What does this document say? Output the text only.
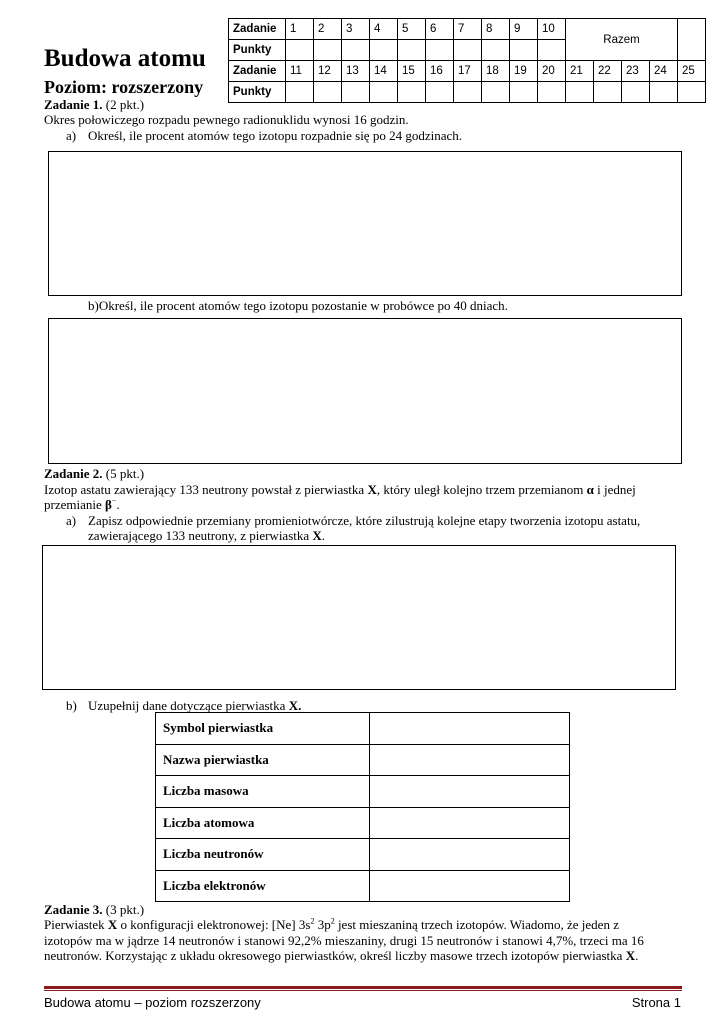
Budowa atomu
Poziom: rozszerzony
Zadanie	1	2	3	4	5	6	7	8	9	10	Razem				
Punkty															
Zadanie	11	12	13	14	15	16	17	18	19	20	21	22	23	24	25
Punkty															
Zadanie 1. (2 pkt.)
Okres połowiczego rozpadu pewnego radionuklidu wynosi 16 godzin.
a) Określ, ile procent atomów tego izotopu rozpadnie się po 24 godzinach.
b)Określ, ile procent atomów tego izotopu pozostanie w probówce po 40 dniach.
Zadanie 2. (5 pkt.)
Izotop astatu zawierający 133 neutrony powstał z pierwiastka X, który uległ kolejno trzem przemianom α i jednej
przemianie β−.
a) Zapisz odpowiednie przemiany promieniotwórcze, które zilustrują kolejne etapy tworzenia izotopu astatu,
zawierającego 133 neutrony, z pierwiastka X.
b) Uzupełnij dane dotyczące pierwiastka X.
Symbol pierwiastka	
Nazwa pierwiastka	
Liczba masowa	
Liczba atomowa	
Liczba neutronów	
Liczba elektronów	
Zadanie 3. (3 pkt.)
Pierwiastek X o konfiguracji elektronowej: [Ne] $3s^2$ $3p^2$ jest mieszaniną trzech izotopów. Wiadomo, że jeden z
izotopów ma w jądrze 14 neutronów i stanowi 92,2% mieszaniny, drugi 15 neutronów i stanowi 4,7%, trzeci ma 16
neutronów. Korzystając z układu okresowego pierwiastków, określ liczby masowe trzech izotopów pierwiastka X.
Budowa atomu – poziom rozszerzony	Strona 1
